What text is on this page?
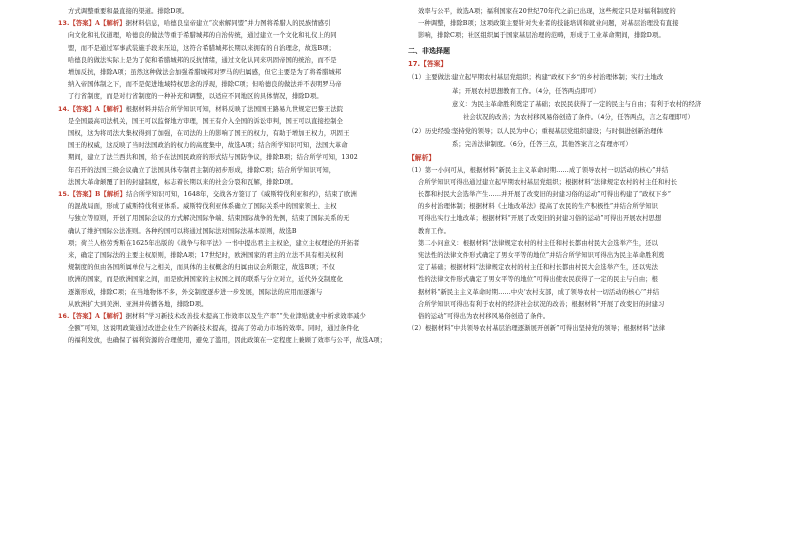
方式调整重要和最直接的渠道。排除D项。
13.【答案】A【解析】据材料信息，哈德良皇帝建立“次索解同盟”并力图将希腊人的民族情感引
向文化和礼仪道理，哈德良的做法等重于希腊城邦的自治传统，通过建立一个文化和礼仪上的同
盟，而不是通过军事武装施手段来压迫，这符合希腊城邦长期以来拥有的自治理念，故选B项；
哈德良的做法实际上是为了促和希腊城邦的反抗情绪，通过文化认同来巩固帝国的统治，而不是
增加反抗，排除A项；虽然这种做法会加强希腊城邦对罗马的归属感，但它主要是为了将希腊城邦
纳入帝国体制之下，而不是促进地域特权思念的浮现，排除C项；但哈德良的做法并不表明罗马帝
了行省制度，而是对行省制度的一种补充和调整，以适应不同地区的具体情况，排除D项。
14.【答案】A【解析】根据材料并结合所学知识可知，材料反映了法国国王路易九世规定巴黎王法院
是全国最高司法机关，国王可以监督地方审理，国王有介入全国的诉讼审判，国王可以直接控制全
国权，这为将司法大集权得到了加强，在司法的上的影响了国王的权力，有助于增加王权力，巩固王
国王的权威，这反映了当时法国政治的权力的高度集中，故选A项；结合所学知识可知，法国大革命
期间，建立了法兰西共和国，给予在法国民政府的形式结与国防争议，排除B项；结合所学可知，1302
年召开的法国三级会议确立了法国具体专制君主制的初步形成，排除C项；结合所学知识可知，
法国大革命颠覆了旧的封建制度，标志着长期以来的社会分裂和瓦解，排除D项。
15.【答案】B【解析】结合所学知识可知，1648年，交战各方签订了《威斯特伐利亚和约》，结束了欧洲
的混战局面，形成了威斯特伐利亚体系。威斯特伐利亚体系确立了国际关系中的国家领土、主权
与独立等原则，开创了用国际会议的方式解决国际争端、结束国际战争的先例，结束了国际关系的无
确认了维护国际公法准则。各种约国可以将通过国际法对国际法基本原则，故选B
项；荷兰人格劳秀斯在1625年出版的《战争与和平法》一书中提出君主主权论，建立主权理论的开拓者
来，确定了国际法的主要主权原则，排除A项；17世纪时，欧洲国家的君主的立法不具有相关权利
规制度的但由各国所属单位与之相关，而具体的主权概念的归属由议会所限定，故选B项；不仅
欧洲的国家，而是欧洲国家之间，而是欧洲国家的主权国之间的联系与分立对立，近代外交制度化
逐渐形成，排除C项；在当地物体不多，外交制度逐步进一步发展，国际法的应用而逐渐与
从欧洲扩大到美洲、亚洲并传播各地，排除D项。
16.【答案】A【解析】据材料“学习新技术改善技术提高工作效率以及生产率”“失业津贴就业中析求效率减少
全额”可知，这说明政策通过改进企业生产的新技术提高，提高了劳动力市场的效率。同时，通过条件化
的福利发放，也确保了福利资源的合理使用，避免了滥用，因此政策在一定程度上兼顾了效率与公平，故选A项；
效率与公平，故选A项；福利国家在20世纪70年代之前已出现，这些规定只是对福利制度的
一种调整，排除B项；这项政策主要针对失业者的技能培训和就业问题，对基层治理没有直接
影响，排除C项；社区组织属于国家基层治理的范畴，形成于工业革命期间，排除D项。
二、非选择题
17.【答案】
（1）主要做法：
建立起早期农村基层党组织；构建“政权下乡”的乡村治理体制；实行土地改
革；开展农村思想教育工作。（4分，任答两点即可）
意义：为民主革命胜利奠定了基础；农民民获得了一定的民主与自由；有利于农村的经济
社会状况的改善；为农村移风易俗创造了条件。（4分，任答两点，言之有理即可）
（2）历史经验：
坚持党的领导；以人民为中心；重视基层党组织建设；与时俱进创新治理体
系；完善法律制度。（6分，任答三点，其他答案言之有理亦可）
【解析】
（1）第一小问可从，根据材料“新民主主义革命时期……成了领导农村一切活动的核心”并结
合所学知识可得出通过建立起早期农村基层党组织；根据材料“法律规定农村的村主任和村长
长都和村民大会选举产生……并开展了改变旧的封建习俗的运动”可得出构建了“政权下乡”
的乡村治理体制；根据材料《土地改革法》提高了农民的生产积极性”并结合所学知识
可得出实行土地改革；根据材料“开展了改变旧的封建习俗的运动”可得出开展农村思想
教育工作。
第二小问意义：根据材料“法律规定农村的村主任和村长都由村民大会选举产生，还以
宪法性的法律文件形式确定了男女平等的地位”并结合所学知识可得出为民主革命胜利奠
定了基础；根据材料“法律规定农村的村主任和村长都由村民大会选举产生，还以宪法
性的法律文件形式确定了男女平等的地位”可得出使农民获得了一定的民主与自由；根
据材料“新民主主义革命时期……中央‘农村支部，成了领导农村一切活动的核心’”并结
合所学知识可得出有利于农村的经济社会状况的改善；根据材料“开展了改变旧的封建习
俗的运动”可得出为农村移风易俗创造了条件。
（2）根据材料“中共领导农村基层治理逐渐展开创新”可得出坚持党的领导；根据材料“法律
